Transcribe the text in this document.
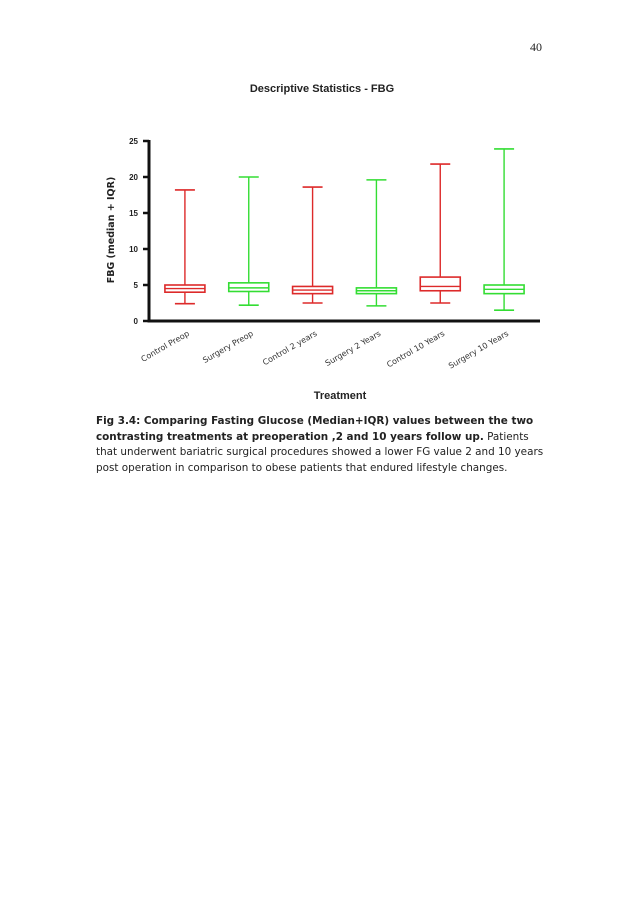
40
Descriptive Statistics - FBG
FBG (median + IQR)
0
5
10
15
20
25
Control Preop Surgery Preop Control 2 years Surgery 2 Years Control 10 Years Surgery 10 Years
Treatment
Fig 3.4: Comparing Fasting Glucose (Median+IQR) values between the two contrasting treatments at preoperation ,2 and 10 years follow up. Patients that underwent bariatric surgical procedures showed a lower FG value 2 and 10 years post operation in comparison to obese patients that endured lifestyle changes.
